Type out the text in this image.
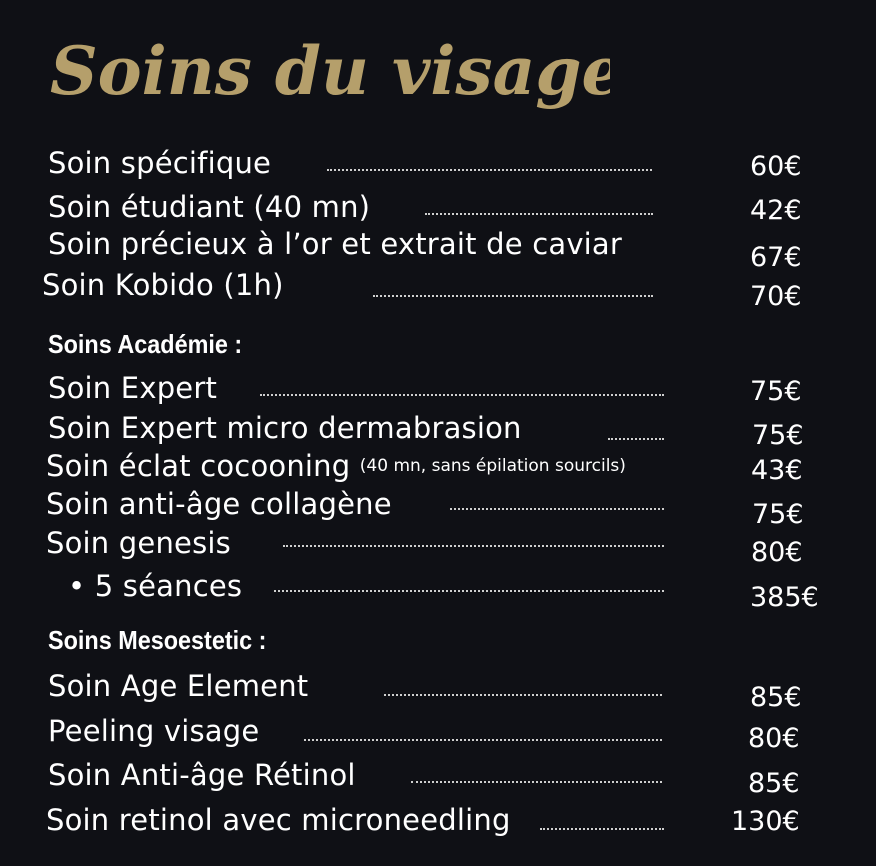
Soins du visage
Soin spécifique	60€
Soin étudiant (40 mn)	42€
Soin précieux à l’or et extrait de caviar	67€
Soin Kobido (1h)	70€
Soins Académie :
Soin Expert	75€
Soin Expert micro dermabrasion	75€
Soin éclat cocooning (40 mn, sans épilation sourcils)	43€
Soin anti-âge collagène	75€
Soin genesis	80€
• 5 séances	385€
Soins Mesoestetic :
Soin Age Element	85€
Peeling visage	80€
Soin Anti-âge Rétinol	85€
Soin retinol avec microneedling	130€
